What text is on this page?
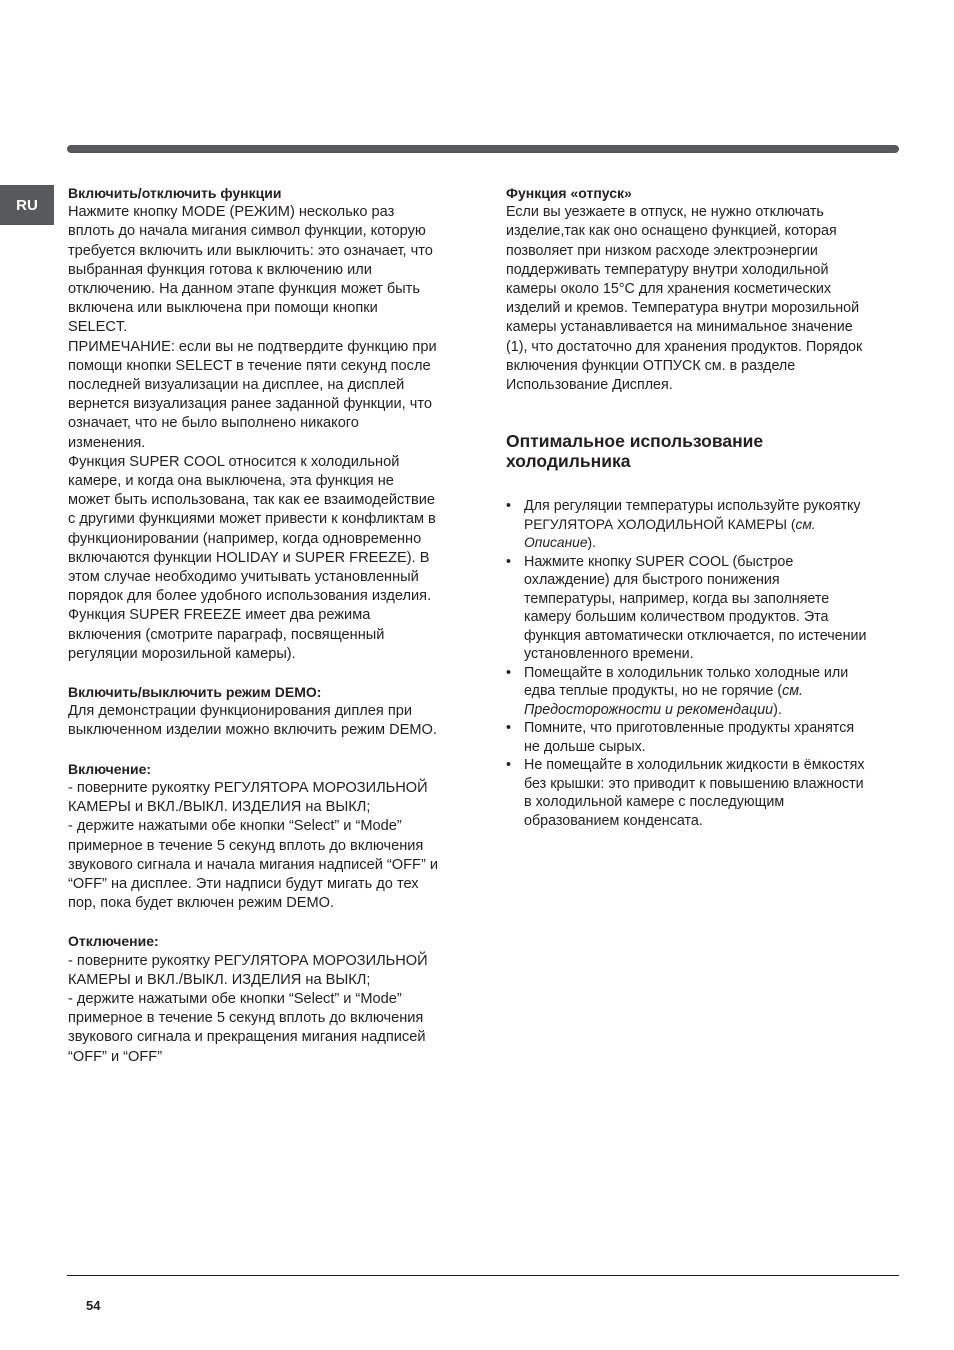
RU

Включить/отключить функции

Нажмите кнопку MODE (РЕЖИМ) несколько раз

вплоть до начала мигания символ функции, которую

требуется включить или выключить: это означает, что

выбранная функция готова к включению или

отключению. На данном этапе функция может быть

включена или выключена при помощи кнопки

SELECT.

ПРИМЕЧАНИЕ: если вы не подтвердите функцию при

помощи кнопки SELECT в течение пяти секунд после

последней визуализации на дисплее, на дисплей

вернется визуализация ранее заданной функции, что

означает, что не было выполнено никакого

изменения.

Функция SUPER COOL относится к холодильной

камере, и когда она выключена, эта функция не

может быть использована, так как ее взаимодействие

с другими функциями может привести к конфликтам в

функционировании (например, когда одновременно

включаются функции HOLIDAY и SUPER FREEZE). В

этом случае необходимо учитывать установленный

порядок для более удобного использования изделия.

Функция SUPER FREEZE имеет два режима

включения (смотрите параграф, посвященный

регуляции морозильной камеры).

Включить/выключить режим DEMO:

Для демонстрации функционирования диплея при

выключенном изделии можно включить режим DEMO.

Включение:

- поверните рукоятку РЕГУЛЯТОРА МОРОЗИЛЬНОЙ

КАМЕРЫ и ВКЛ./ВЫКЛ. ИЗДЕЛИЯ на ВЫКЛ;

- держите нажатыми обе кнопки “Select” и “Mode”

примерное в течение 5 секунд вплоть до включения

звукового сигнала и начала мигания надписей “OFF” и

“OFF” на дисплее. Эти надписи будут мигать до тех

пор, пока будет включен режим DEMO.

Отключение:

- поверните рукоятку РЕГУЛЯТОРА МОРОЗИЛЬНОЙ

КАМЕРЫ и ВКЛ./ВЫКЛ. ИЗДЕЛИЯ на ВЫКЛ;

- держите нажатыми обе кнопки “Select” и “Mode”

примерное в течение 5 секунд вплоть до включения

звукового сигнала и прекращения мигания надписей

“OFF” и “OFF”

Функция «отпуск»

Если вы уезжаете в отпуск, не нужно отключать

изделие,так как оно оснащено функцией, которая

позволяет при низком расходе электроэнергии

поддерживать температуру внутри холодильной

камеры около 15°C для хранения косметических

изделий и кремов. Температура внутри морозильной

камеры устанавливается на минимальное значение

(1), что достаточно для хранения продуктов. Порядок

включения функции ОТПУСК см. в разделе

Использование Дисплея.

Оптимальное использование

холодильника

• Для регуляции температуры используйте рукоятку

РЕГУЛЯТОРА ХОЛОДИЛЬНОЙ КАМЕРЫ (см.

Описание).

• Нажмите кнопку SUPER COOL (быстрое

охлаждение) для быстрого понижения

температуры, например, когда вы заполняете

камеру большим количеством продуктов. Эта

функция автоматически отключается, по истечении

установленного времени.

• Помещайте в холодильник только холодные или

едва теплые продукты, но не горячие (см.

Предосторожности и рекомендации).

• Помните, что приготовленные продукты хранятся

не дольше сырых.

• Не помещайте в холодильник жидкости в ёмкостях

без крышки: это приводит к повышению влажности

в холодильной камере с последующим

образованием конденсата.

54
